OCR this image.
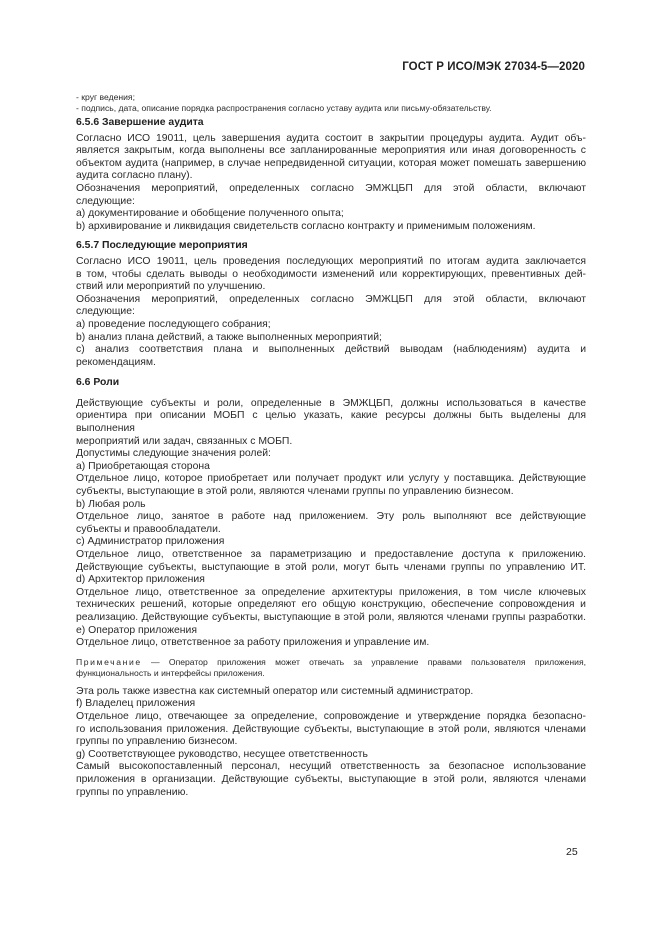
ГОСТ Р ИСО/МЭК 27034-5—2020

- круг ведения;

- подпись, дата, описание порядка распространения согласно уставу аудита или письму-обязательству.

6.5.6 Завершение аудита

Согласно ИСО 19011, цель завершения аудита состоит в закрытии процедуры аудита. Аудит объ-

является закрытым, когда выполнены все запланированные мероприятия или иная договоренность с

объектом аудита (например, в случае непредвиденной ситуации, которая может помешать завершению

аудита согласно плану).

Обозначения мероприятий, определенных согласно ЭМЖЦБП для этой области, включают

следующие:

a) документирование и обобщение полученного опыта;

b) архивирование и ликвидация свидетельств согласно контракту и применимым положениям.

6.5.7 Последующие мероприятия

Согласно ИСО 19011, цель проведения последующих мероприятий по итогам аудита заключается

в том, чтобы сделать выводы о необходимости изменений или корректирующих, превентивных дей-

ствий или мероприятий по улучшению.

Обозначения мероприятий, определенных согласно ЭМЖЦБП для этой области, включают

следующие:

a) проведение последующего собрания;

b) анализ плана действий, а также выполненных мероприятий;

c) анализ соответствия плана и выполненных действий выводам (наблюдениям) аудита и

рекомендациям.

6.6 Роли

Действующие субъекты и роли, определенные в ЭМЖЦБП, должны использоваться в качестве

ориентира при описании МОБП с целью указать, какие ресурсы должны быть выделены для выполнения

мероприятий или задач, связанных с МОБП.

Допустимы следующие значения ролей:

a) Приобретающая сторона

Отдельное лицо, которое приобретает или получает продукт или услугу у поставщика. Действующие

субъекты, выступающие в этой роли, являются членами группы по управлению бизнесом.

b) Любая роль

Отдельное лицо, занятое в работе над приложением. Эту роль выполняют все действующие

субъекты и правообладатели.

c) Администратор приложения

Отдельное лицо, ответственное за параметризацию и предоставление доступа к приложению.

Действующие субъекты, выступающие в этой роли, могут быть членами группы по управлению ИТ.

d) Архитектор приложения

Отдельное лицо, ответственное за определение архитектуры приложения, в том числе ключевых

технических решений, которые определяют его общую конструкцию, обеспечение сопровождения и

реализацию. Действующие субъекты, выступающие в этой роли, являются членами группы разработки.

e) Оператор приложения

Отдельное лицо, ответственное за работу приложения и управление им.

Примечание — Оператор приложения может отвечать за управление правами пользователя приложения,

функциональность и интерфейсы приложения.

Эта роль также известна как системный оператор или системный администратор.

f) Владелец приложения

Отдельное лицо, отвечающее за определение, сопровождение и утверждение порядка безопасно-

го использования приложения. Действующие субъекты, выступающие в этой роли, являются членами

группы по управлению бизнесом.

g) Соответствующее руководство, несущее ответственность

Самый высокопоставленный персонал, несущий ответственность за безопасное использование

приложения в организации. Действующие субъекты, выступающие в этой роли, являются членами

группы по управлению.

25
